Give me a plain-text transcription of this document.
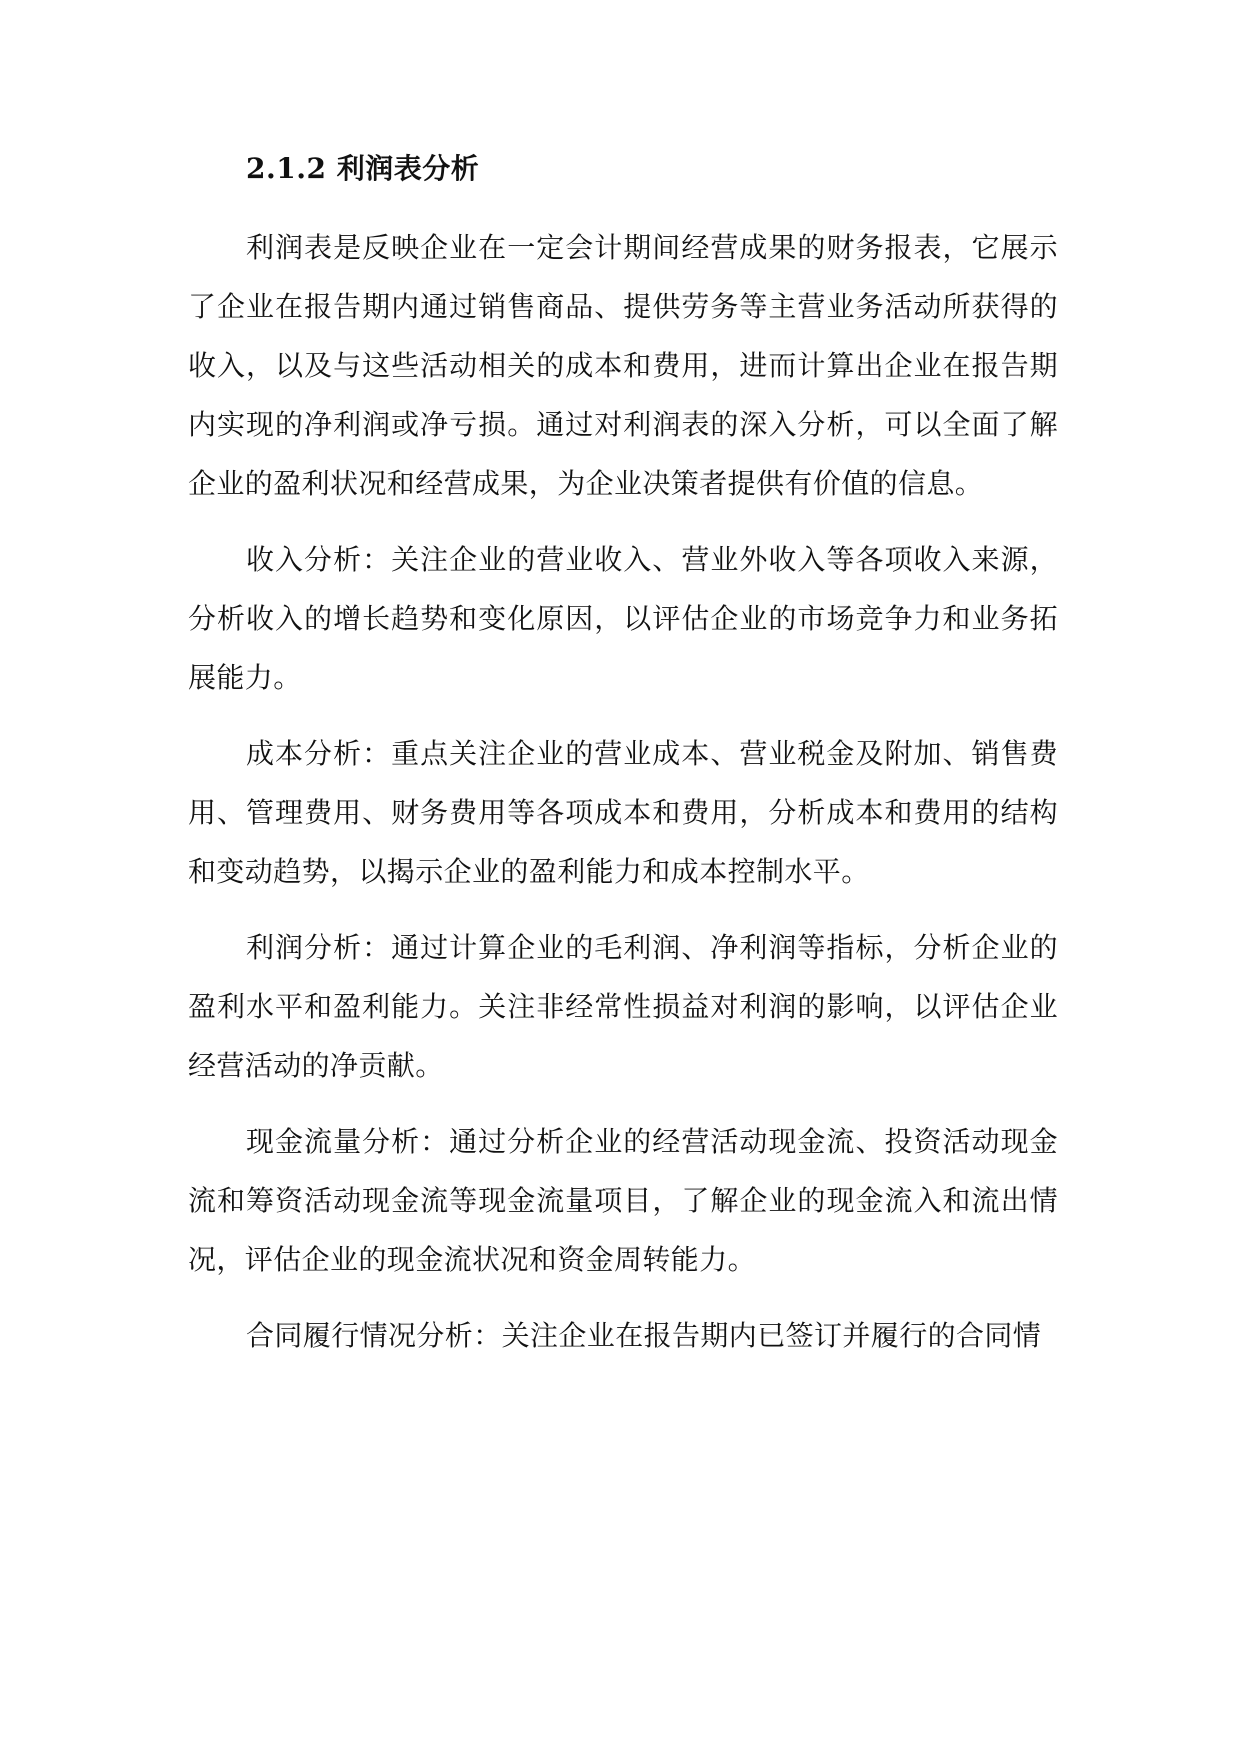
2.1.2 利润表分析

利润表是反映企业在一定会计期间经营成果的财务报表，它展示了企业在报告期内通过销售商品、提供劳务等主营业务活动所获得的收入，以及与这些活动相关的成本和费用，进而计算出企业在报告期内实现的净利润或净亏损。通过对利润表的深入分析，可以全面了解企业的盈利状况和经营成果，为企业决策者提供有价值的信息。

收入分析：关注企业的营业收入、营业外收入等各项收入来源，分析收入的增长趋势和变化原因，以评估企业的市场竞争力和业务拓展能力。

成本分析：重点关注企业的营业成本、营业税金及附加、销售费用、管理费用、财务费用等各项成本和费用，分析成本和费用的结构和变动趋势，以揭示企业的盈利能力和成本控制水平。

利润分析：通过计算企业的毛利润、净利润等指标，分析企业的盈利水平和盈利能力。关注非经常性损益对利润的影响，以评估企业经营活动的净贡献。

现金流量分析：通过分析企业的经营活动现金流、投资活动现金流和筹资活动现金流等现金流量项目，了解企业的现金流入和流出情况，评估企业的现金流状况和资金周转能力。

合同履行情况分析：关注企业在报告期内已签订并履行的合同情
